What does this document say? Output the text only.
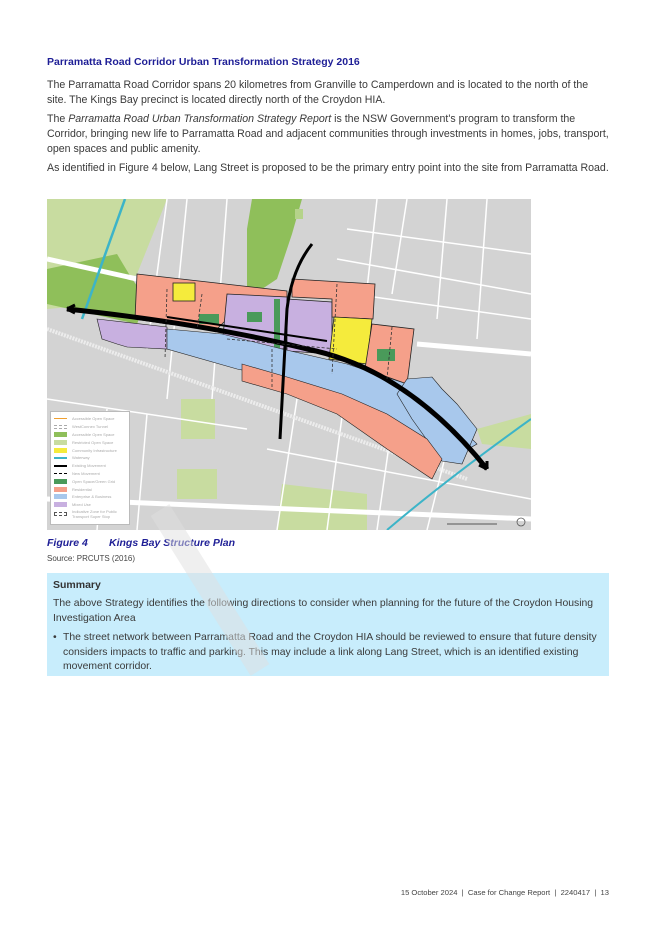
Parramatta Road Corridor Urban Transformation Strategy 2016

The Parramatta Road Corridor spans 20 kilometres from Granville to Camperdown and is located to the north of the site. The Kings Bay precinct is located directly north of the Croydon HIA.

The Parramatta Road Urban Transformation Strategy Report is the NSW Government's program to transform the Corridor, bringing new life to Parramatta Road and adjacent communities through investments in homes, jobs, transport, open spaces and public amenity.

As identified in Figure 4 below, Lang Street is proposed to be the primary entry point into the site from Parramatta Road.

Accessible Open Space
WestConnex Tunnel
Accessible Open Space
Restricted Open Space
Community Infrastructure
Waterway
Existing Movement
New Movement
Open Space/Green Grid
Residential
Enterprise & Business
Mixed Use
Indicative Zone for Public Transport Super Stop
Figure 4 Kings Bay Structure Plan
Source: PRCUTS (2016)
Summary
The above Strategy identifies the following directions to consider when planning for the future of the Croydon Housing Investigation Area
• The street network between Parramatta Road and the Croydon HIA should be reviewed to ensure that future density considers impacts to traffic and parking. This may include a link along Lang Street, which is an identified existing movement corridor.
15 October 2024  |  Case for Change Report  |  2240417  |  13
